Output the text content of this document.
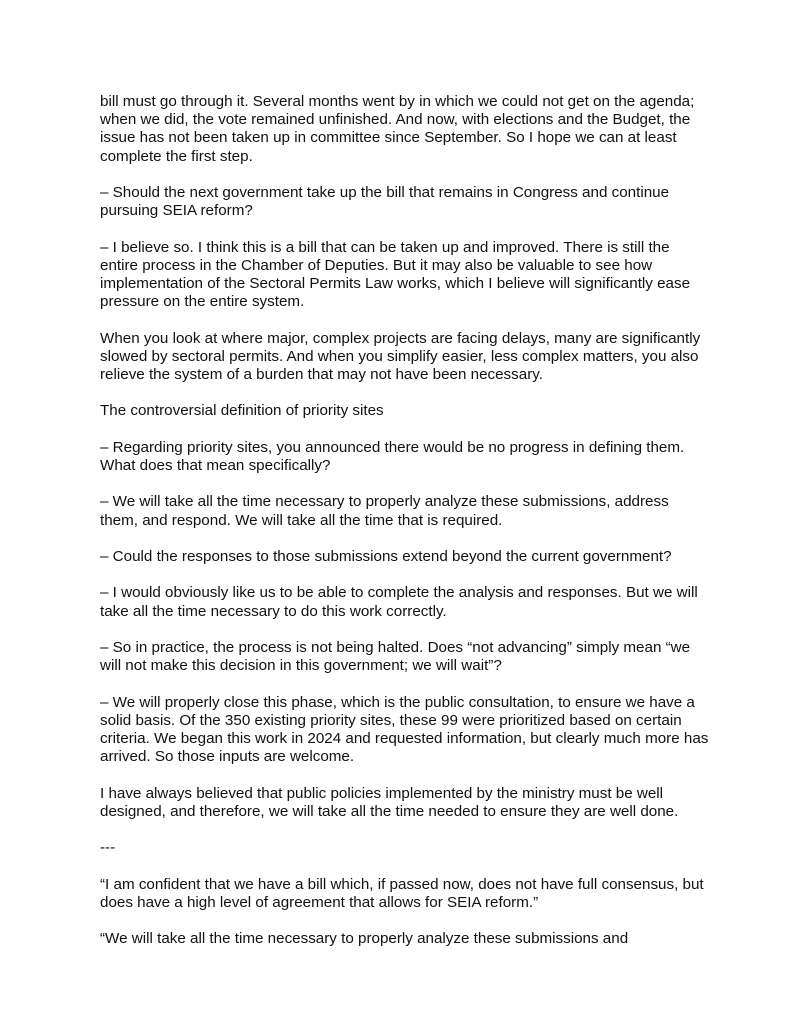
bill must go through it. Several months went by in which we could not get on the agenda; when we did, the vote remained unfinished. And now, with elections and the Budget, the issue has not been taken up in committee since September. So I hope we can at least complete the first step.

– Should the next government take up the bill that remains in Congress and continue pursuing SEIA reform?

– I believe so. I think this is a bill that can be taken up and improved. There is still the entire process in the Chamber of Deputies. But it may also be valuable to see how implementation of the Sectoral Permits Law works, which I believe will significantly ease pressure on the entire system.

When you look at where major, complex projects are facing delays, many are significantly slowed by sectoral permits. And when you simplify easier, less complex matters, you also relieve the system of a burden that may not have been necessary.

The controversial definition of priority sites

– Regarding priority sites, you announced there would be no progress in defining them. What does that mean specifically?

– We will take all the time necessary to properly analyze these submissions, address them, and respond. We will take all the time that is required.

– Could the responses to those submissions extend beyond the current government?

– I would obviously like us to be able to complete the analysis and responses. But we will take all the time necessary to do this work correctly.

– So in practice, the process is not being halted. Does “not advancing” simply mean “we will not make this decision in this government; we will wait”?

– We will properly close this phase, which is the public consultation, to ensure we have a solid basis. Of the 350 existing priority sites, these 99 were prioritized based on certain criteria. We began this work in 2024 and requested information, but clearly much more has arrived. So those inputs are welcome.

I have always believed that public policies implemented by the ministry must be well designed, and therefore, we will take all the time needed to ensure they are well done.

---

“I am confident that we have a bill which, if passed now, does not have full consensus, but does have a high level of agreement that allows for SEIA reform.”

“We will take all the time necessary to properly analyze these submissions and
